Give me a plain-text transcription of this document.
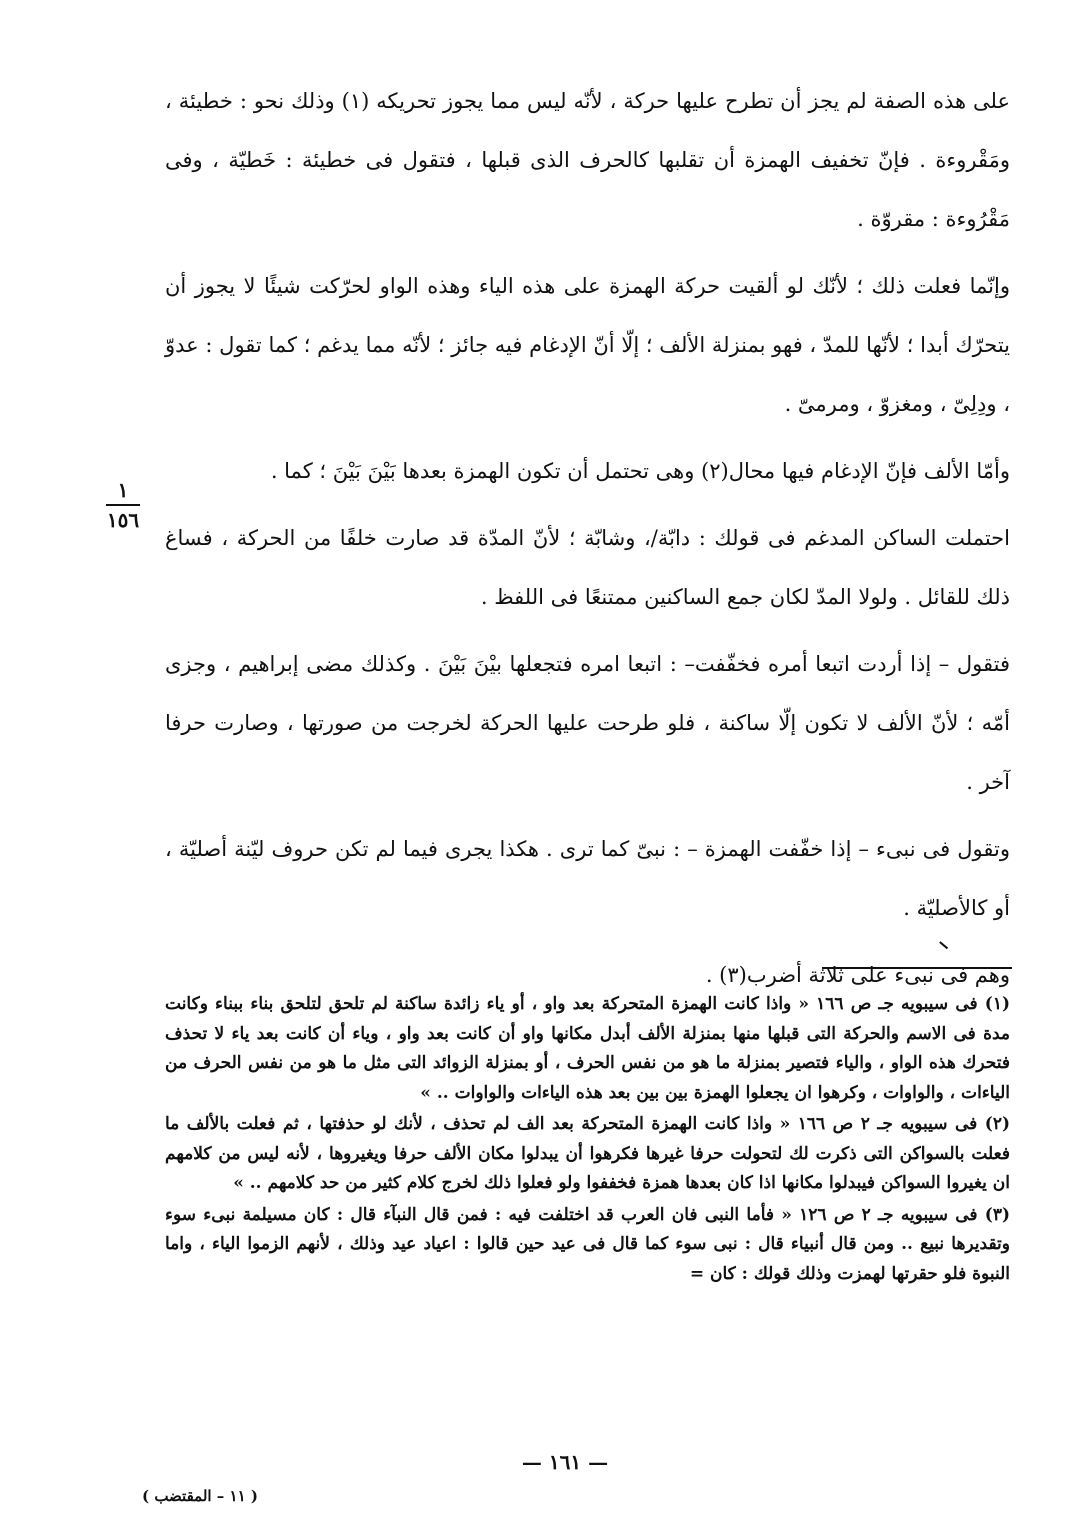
على هذه الصفة لم يجز أن تطرح عليها حركة ، لأنّه ليس مما يجوز تحريكه (١) وذلك نحو : خطيئة ، ومَقْروءة . فإنّ تخفيف الهمزة أن تقلبها كالحرف الذى قبلها ، فتقول فى خطيئة : خَطيّة ، وفى مَقْرُوءة : مقروّة .

وإنّما فعلت ذلك ؛ لأنّك لو ألقيت حركة الهمزة على هذه الياء وهذه الواو لحرّكت شيئًا لا يجوز أن يتحرّك أبدا ؛ لأنّها للمدّ ، فهو بمنزلة الألف ؛ إلّا أنّ الإدغام فيه جائز ؛ لأنّه مما يدغم ؛ كما تقول : عدوّ ، ودِلِىّ ، ومغزوّ ، ومرمىّ .

وأمّا الألف فإنّ الإدغام فيها محال(٢) وهى تحتمل أن تكون الهمزة بعدها بَيْنَ بَيْنَ ؛ كما .

احتملت الساكن المدغم فى قولك : دابّة/، وشابّة ؛ لأنّ المدّة قد صارت خلفًا من الحركة ، فساغ ذلك للقائل . ولولا المدّ لكان جمع الساكنين ممتنعًا فى اللفظ .

فتقول – إذا أردت اتبعا أمره فخفّفت– : اتبعا امره فتجعلها بيْنَ بَيْنَ . وكذلك مضى إبراهيم ، وجزى أمّه ؛ لأنّ الألف لا تكون إلّا ساكنة ، فلو طرحت عليها الحركة لخرجت من صورتها ، وصارت حرفا آخر .

وتقول فى نبىء – إذا خفّفت الهمزة – : نبىّ كما ترى . هكذا يجرى فيما لم تكن حروف ليّنة أصليّة ، أو كالأصليّة .

وهم فى نبىء على ثلاثة أضرب(٣) .

١
١٥٦

(١) فى سيبويه جـ ص ١٦٦ « واذا كانت الهمزة المتحركة بعد واو ، أو ياء زائدة ساكنة لم تلحق لتلحق بناء ببناء وكانت مدة فى الاسم والحركة التى قبلها منها بمنزلة الألف أبدل مكانها واو أن كانت بعد واو ، وياء أن كانت بعد ياء لا تحذف فتحرك هذه الواو ، والياء فتصير بمنزلة ما هو من نفس الحرف ، أو بمنزلة الزوائد التى مثل ما هو من نفس الحرف من الياءات ، والواوات ، وكرهوا ان يجعلوا الهمزة بين بين بعد هذه الياءات والواوات .. »

(٢) فى سيبويه جـ ٢ ص ١٦٦ « واذا كانت الهمزة المتحركة بعد الف لم تحذف ، لأنك لو حذفتها ، ثم فعلت بالألف ما فعلت بالسواكن التى ذكرت لك لتحولت حرفا غيرها فكرهوا أن يبدلوا مكان الألف حرفا ويغيروها ، لأنه ليس من كلامهم ان يغيروا السواكن فيبدلوا مكانها اذا كان بعدها همزة فخففوا ولو فعلوا ذلك لخرج كلام كثير من حد كلامهم .. »

(٣) فى سيبويه جـ ٢ ص ١٢٦ « فأما النبى فان العرب قد اختلفت فيه : فمن قال النبآء قال : كان مسيلمة نبىء سوء وتقديرها نبيع .. ومن قال أنبياء قال : نبى سوء كما قال فى عيد حين قالوا : اعياد عيد وذلك ، لأنهم الزموا الياء ، واما النبوة فلو حقرتها لهمزت وذلك قولك : كان =

— ١٦١ —
( ١١ – المقتضب )
